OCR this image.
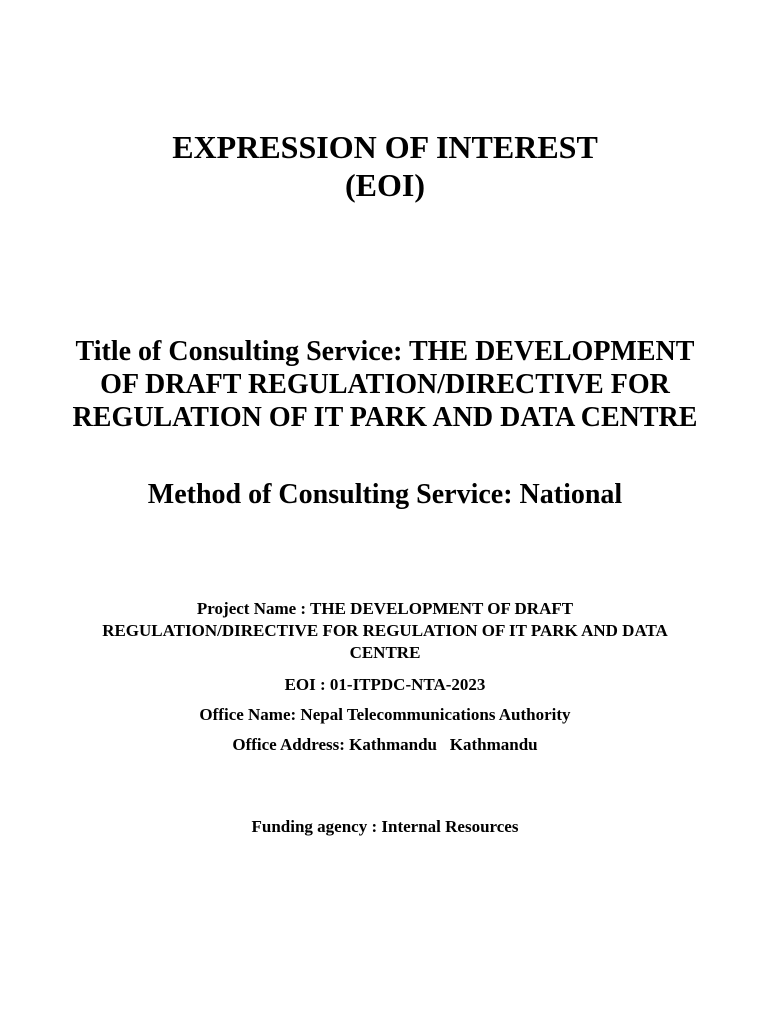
EXPRESSION OF INTEREST
(EOI)
Title of Consulting Service: THE DEVELOPMENT
OF DRAFT REGULATION/DIRECTIVE FOR
REGULATION OF IT PARK AND DATA CENTRE
Method of Consulting Service: National
Project Name : THE DEVELOPMENT OF DRAFT
REGULATION/DIRECTIVE FOR REGULATION OF IT PARK AND DATA
CENTRE
EOI : 01-ITPDC-NTA-2023
Office Name: Nepal Telecommunications Authority
Office Address: Kathmandu   Kathmandu
Funding agency : Internal Resources
